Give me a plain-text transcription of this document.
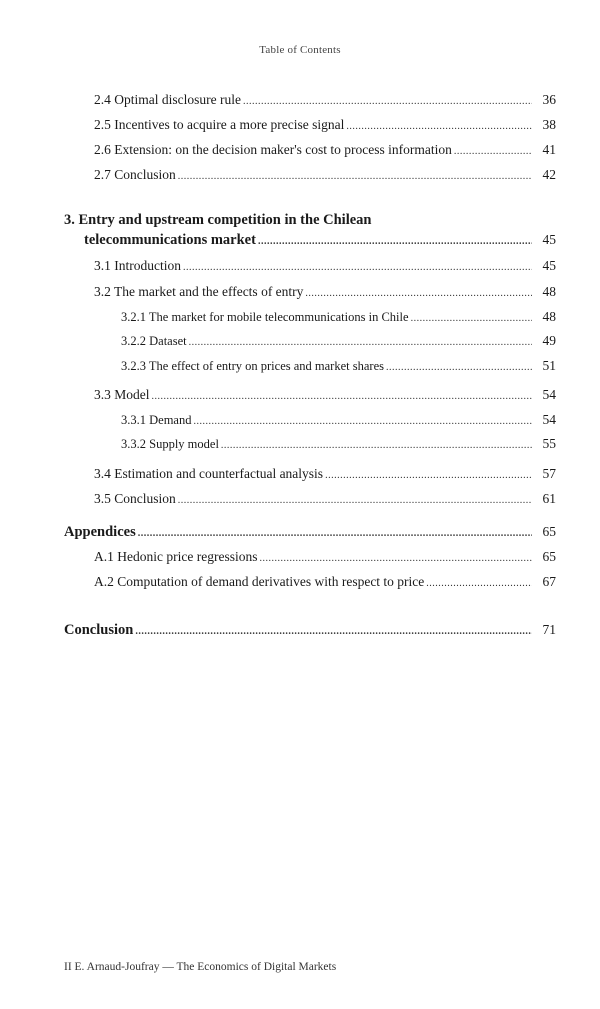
Table of Contents
2.4 Optimal disclosure rule .....	36
2.5 Incentives to acquire a more precise signal .....	38
2.6 Extension: on the decision maker's cost to process information .....	41
2.7 Conclusion .....	42
3. Entry and upstream competition in the Chilean
telecommunications market .....	45
3.1 Introduction .....	45
3.2 The market and the effects of entry .....	48
3.2.1 The market for mobile telecommunications in Chile .....	48
3.2.2 Dataset .....	49
3.2.3 The effect of entry on prices and market shares .....	51
3.3 Model .....	54
3.3.1 Demand .....	54
3.3.2 Supply model .....	55
3.4 Estimation and counterfactual analysis .....	57
3.5 Conclusion .....	61
Appendices .....	65
A.1 Hedonic price regressions .....	65
A.2 Computation of demand derivatives with respect to price .....	67
Conclusion .....	71
II E. Arnaud-Joufray — The Economics of Digital Markets
